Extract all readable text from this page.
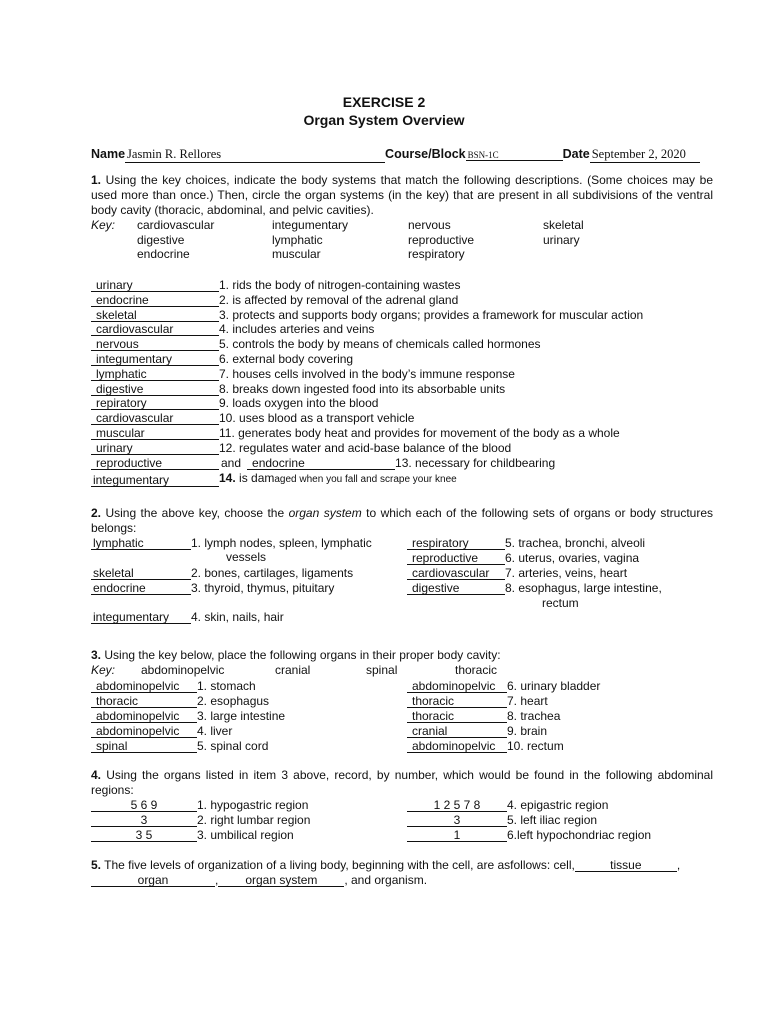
EXERCISE 2
Organ System Overview
Name Jasmin R. Rellores	Course/Block BSN-1C	Date September 2, 2020
1. Using the key choices, indicate the body systems that match the following descriptions. (Some choices may be used more than once.) Then, circle the organ systems (in the key) that are present in all subdivisions of the ventral body cavity (thoracic, abdominal, and pelvic cavities).
Key: cardiovascular	integumentary	nervous	skeletal
digestive	lymphatic	reproductive	urinary
endocrine	muscular	respiratory
urinary	1. rids the body of nitrogen-containing wastes
endocrine	2. is affected by removal of the adrenal gland
skeletal	3. protects and supports body organs; provides a framework for muscular action
cardiovascular	4. includes arteries and veins
nervous	5. controls the body by means of chemicals called hormones
integumentary	6. external body covering
lymphatic	7. houses cells involved in the body’s immune response
digestive	8. breaks down ingested food into its absorbable units
repiratory	9. loads oxygen into the blood
cardiovascular	10. uses blood as a transport vehicle
muscular	11. generates body heat and provides for movement of the body as a whole
urinary	12. regulates water and acid-base balance of the blood
reproductive	and endocrine	13. necessary for childbearing
integumentary	14. is damaged when you fall and scrape your knee
2. Using the above key, choose the organ system to which each of the following sets of organs or body structures belongs:
lymphatic	1. lymph nodes, spleen, lymphatic
vessels
skeletal	2. bones, cartilages, ligaments
endocrine	3. thyroid, thymus, pituitary
integumentary 4. skin, nails, hair
respiratory	5. trachea, bronchi, alveoli
reproductive 6. uterus, ovaries, vagina
cardiovascular 7. arteries, veins, heart
digestive	8. esophagus, large intestine,
rectum
3. Using the key below, place the following organs in their proper body cavity:
Key: abdominopelvic	cranial	spinal	thoracic
abdominopelvic 1. stomach
thoracic	2. esophagus
abdominopelvic 3. large intestine
abdominopelvic 4. liver
spinal	5. spinal cord
abdominopelvic 6. urinary bladder
thoracic	7. heart
thoracic	8. trachea
cranial	9. brain
abdominopelvic 10. rectum
4. Using the organs listed in item 3 above, record, by number, which would be found in the following abdominal regions:
5 6 9	1. hypogastric region
3	2. right lumbar region
3 5	3. umbilical region
1 2 5 7 8 4. epigastric region
3	5. left iliac region
1	6.left hypochondriac region
5. The five levels of organization of a living body, beginning with the cell, are asfollows: cell,	tissue	,
organ	, organ system , and organism.
